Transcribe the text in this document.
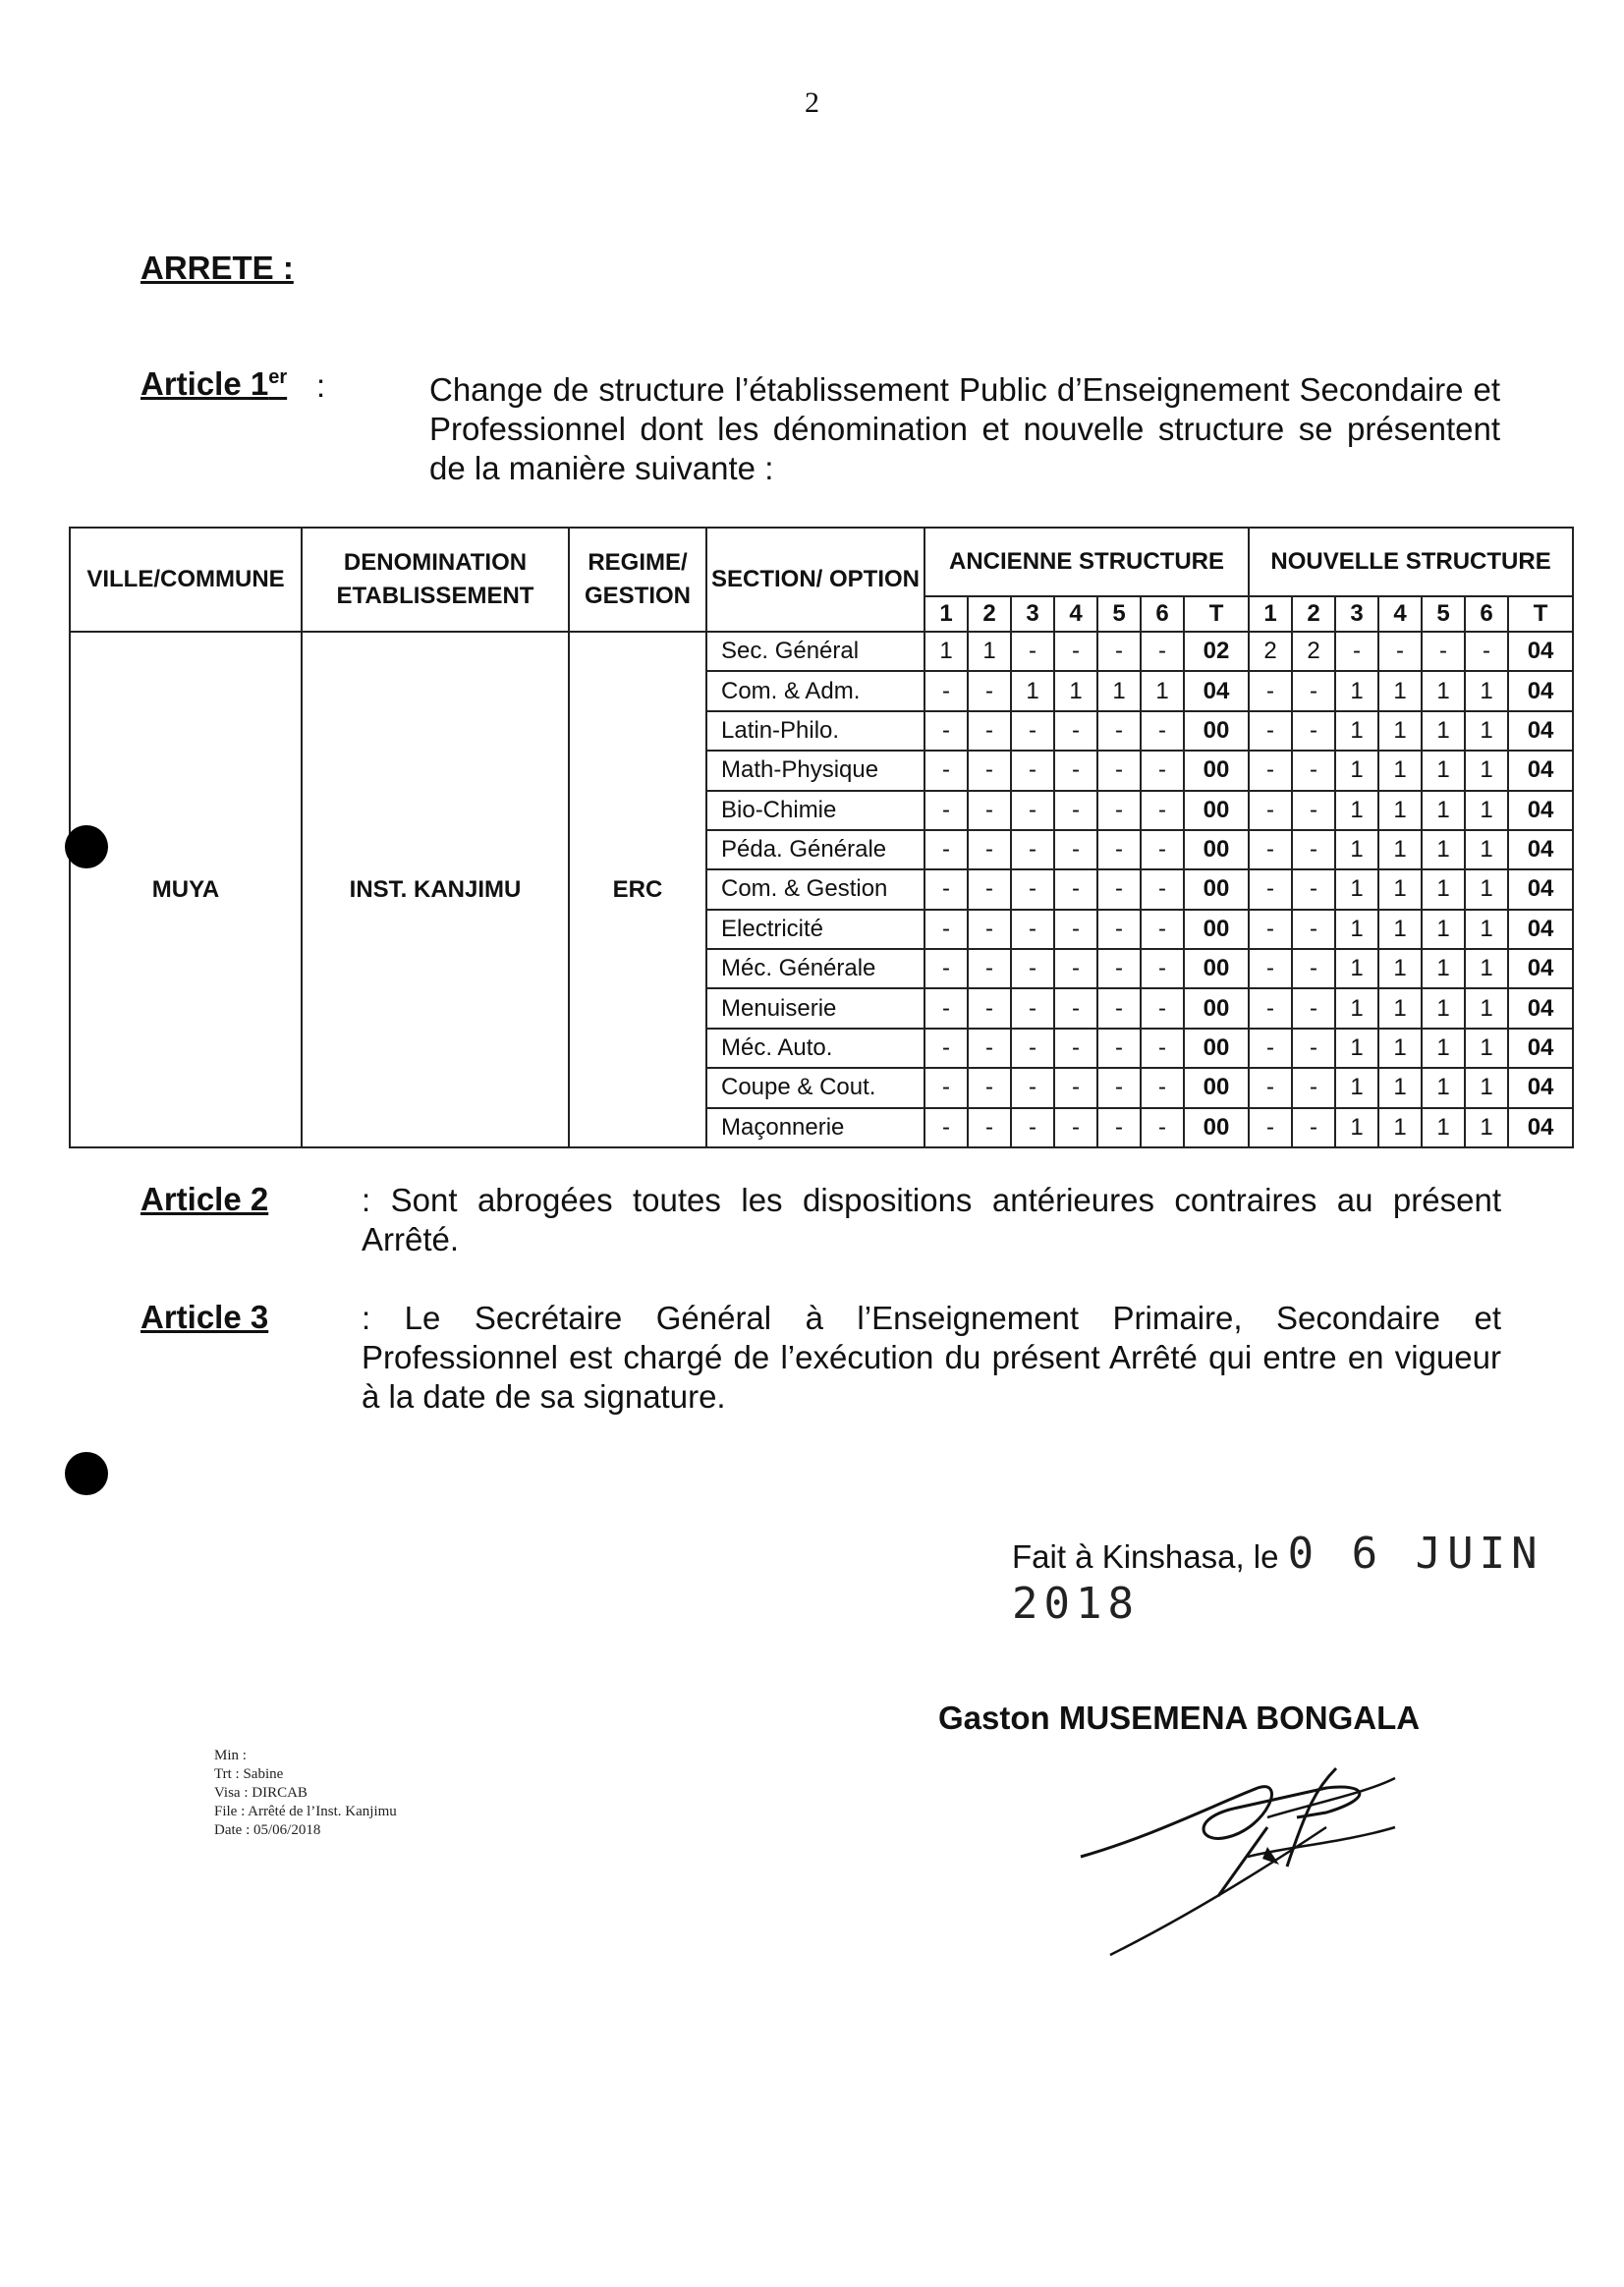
2
ARRETE :
Article 1er :	Change de structure l’établissement Public d’Enseignement Secondaire et Professionnel dont les dénomination et nouvelle structure se présentent de la manière suivante :
VILLE/COMMUNE	DENOMINATION ETABLISSEMENT	REGIME/ GESTION	SECTION/ OPTION	ANCIENNE STRUCTURE							NOUVELLE STRUCTURE						
				1	2	3	4	5	6	T	1	2	3	4	5	6	T
MUYA	INST. KANJIMU	ERC	Sec. Général	1	1	-	-	-	-	02	2	2	-	-	-	-	04
			Com. & Adm.	-	-	1	1	1	1	04	-	-	1	1	1	1	04
			Latin-Philo.	-	-	-	-	-	-	00	-	-	1	1	1	1	04
			Math-Physique	-	-	-	-	-	-	00	-	-	1	1	1	1	04
			Bio-Chimie	-	-	-	-	-	-	00	-	-	1	1	1	1	04
			Péda. Générale	-	-	-	-	-	-	00	-	-	1	1	1	1	04
			Com. & Gestion	-	-	-	-	-	-	00	-	-	1	1	1	1	04
			Electricité	-	-	-	-	-	-	00	-	-	1	1	1	1	04
			Méc. Générale	-	-	-	-	-	-	00	-	-	1	1	1	1	04
			Menuiserie	-	-	-	-	-	-	00	-	-	1	1	1	1	04
			Méc. Auto.	-	-	-	-	-	-	00	-	-	1	1	1	1	04
			Coupe & Cout.	-	-	-	-	-	-	00	-	-	1	1	1	1	04
			Maçonnerie	-	-	-	-	-	-	00	-	-	1	1	1	1	04
Article 2	: Sont abrogées toutes les dispositions antérieures contraires au présent Arrêté.
Article 3	: Le Secrétaire Général à l’Enseignement Primaire, Secondaire et Professionnel est chargé de l’exécution du présent Arrêté qui entre en vigueur à la date de sa signature.
Fait à Kinshasa, le 0 6 JUIN 2018
Gaston MUSEMENA BONGALA
Min :
Trt : Sabine
Visa : DIRCAB
File : Arrêté de l’Inst. Kanjimu
Date : 05/06/2018
